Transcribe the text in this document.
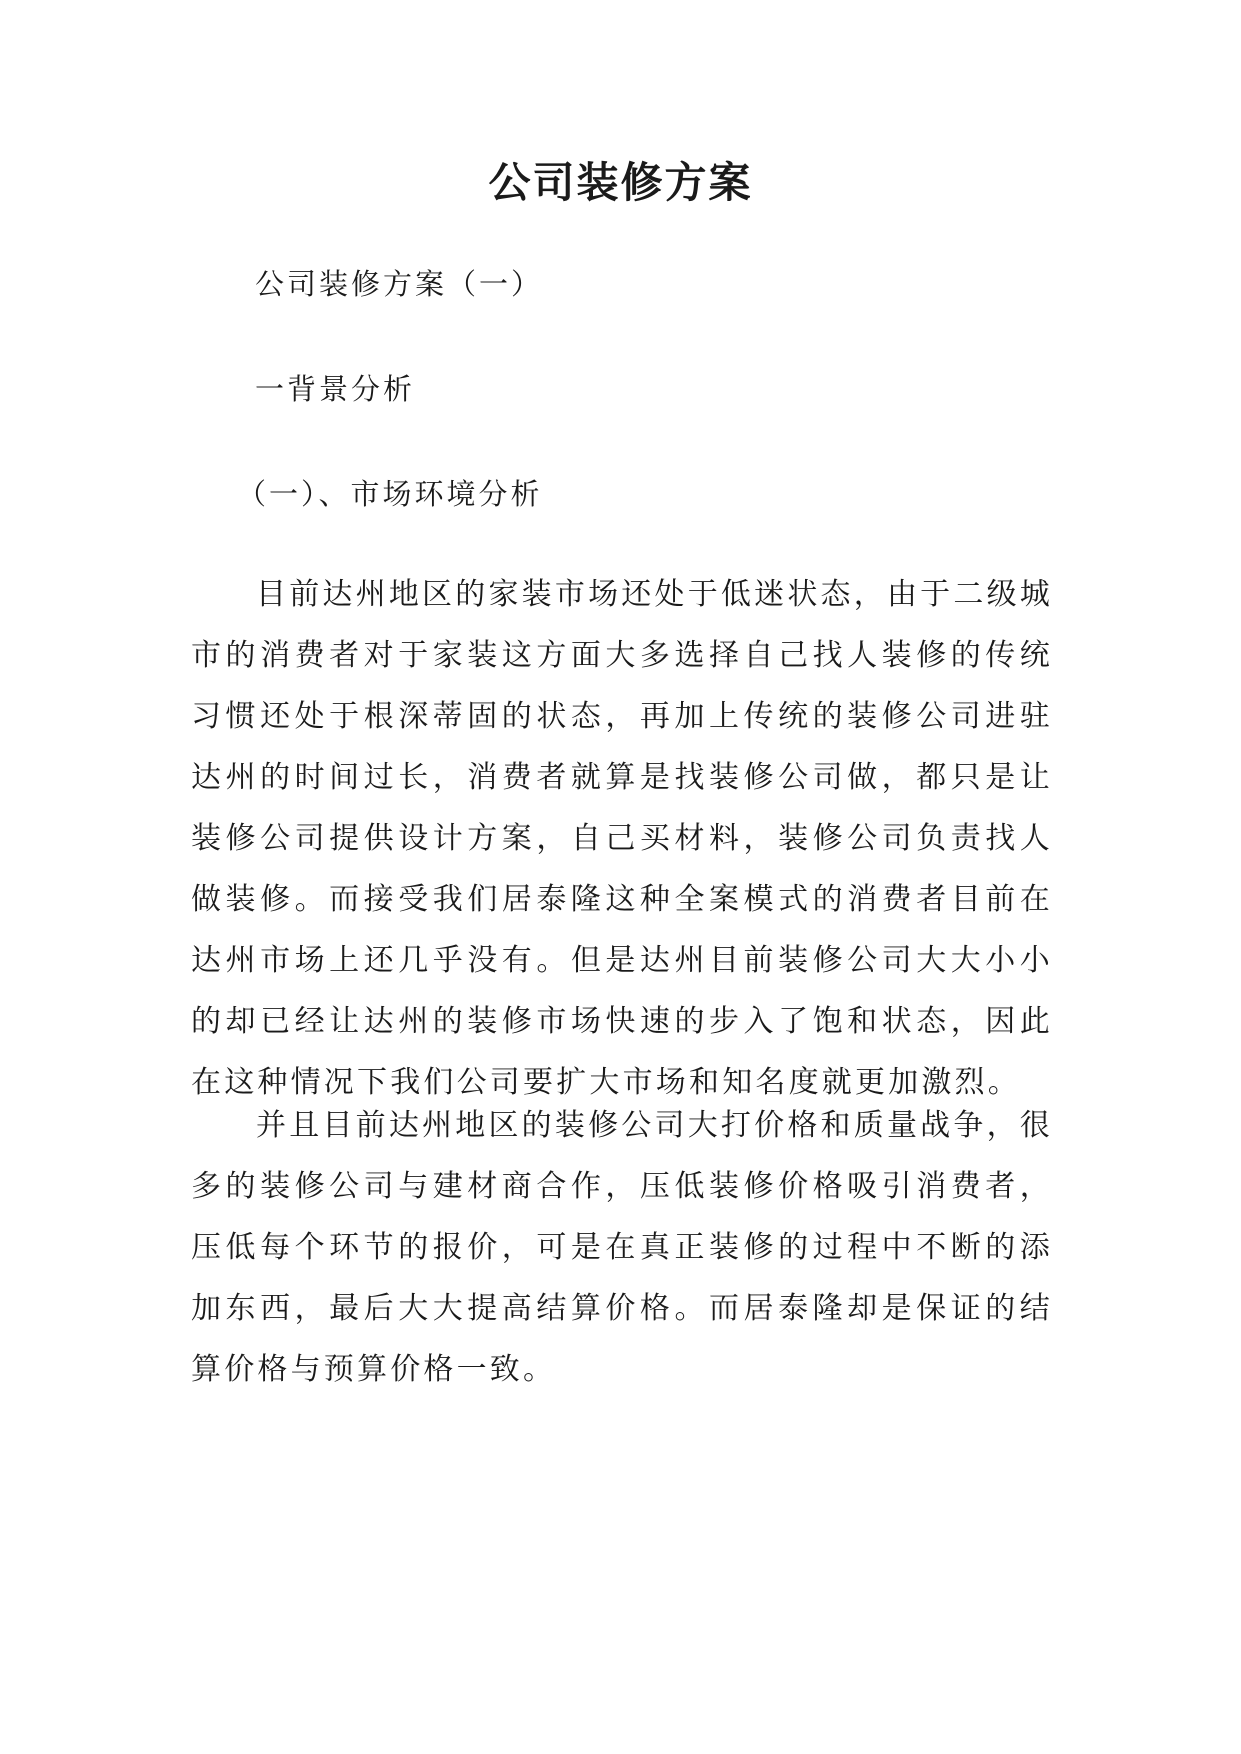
公司装修方案

公司装修方案（一）

一背景分析

（一）、市场环境分析

目前达州地区的家装市场还处于低迷状态，由于二级城市的消费者对于家装这方面大多选择自己找人装修的传统习惯还处于根深蒂固的状态，再加上传统的装修公司进驻达州的时间过长，消费者就算是找装修公司做，都只是让装修公司提供设计方案，自己买材料，装修公司负责找人做装修。而接受我们居泰隆这种全案模式的消费者目前在达州市场上还几乎没有。但是达州目前装修公司大大小小的却已经让达州的装修市场快速的步入了饱和状态，因此在这种情况下我们公司要扩大市场和知名度就更加激烈。

并且目前达州地区的装修公司大打价格和质量战争，很多的装修公司与建材商合作，压低装修价格吸引消费者，压低每个环节的报价，可是在真正装修的过程中不断的添加东西，最后大大提高结算价格。而居泰隆却是保证的结算价格与预算价格一致。
